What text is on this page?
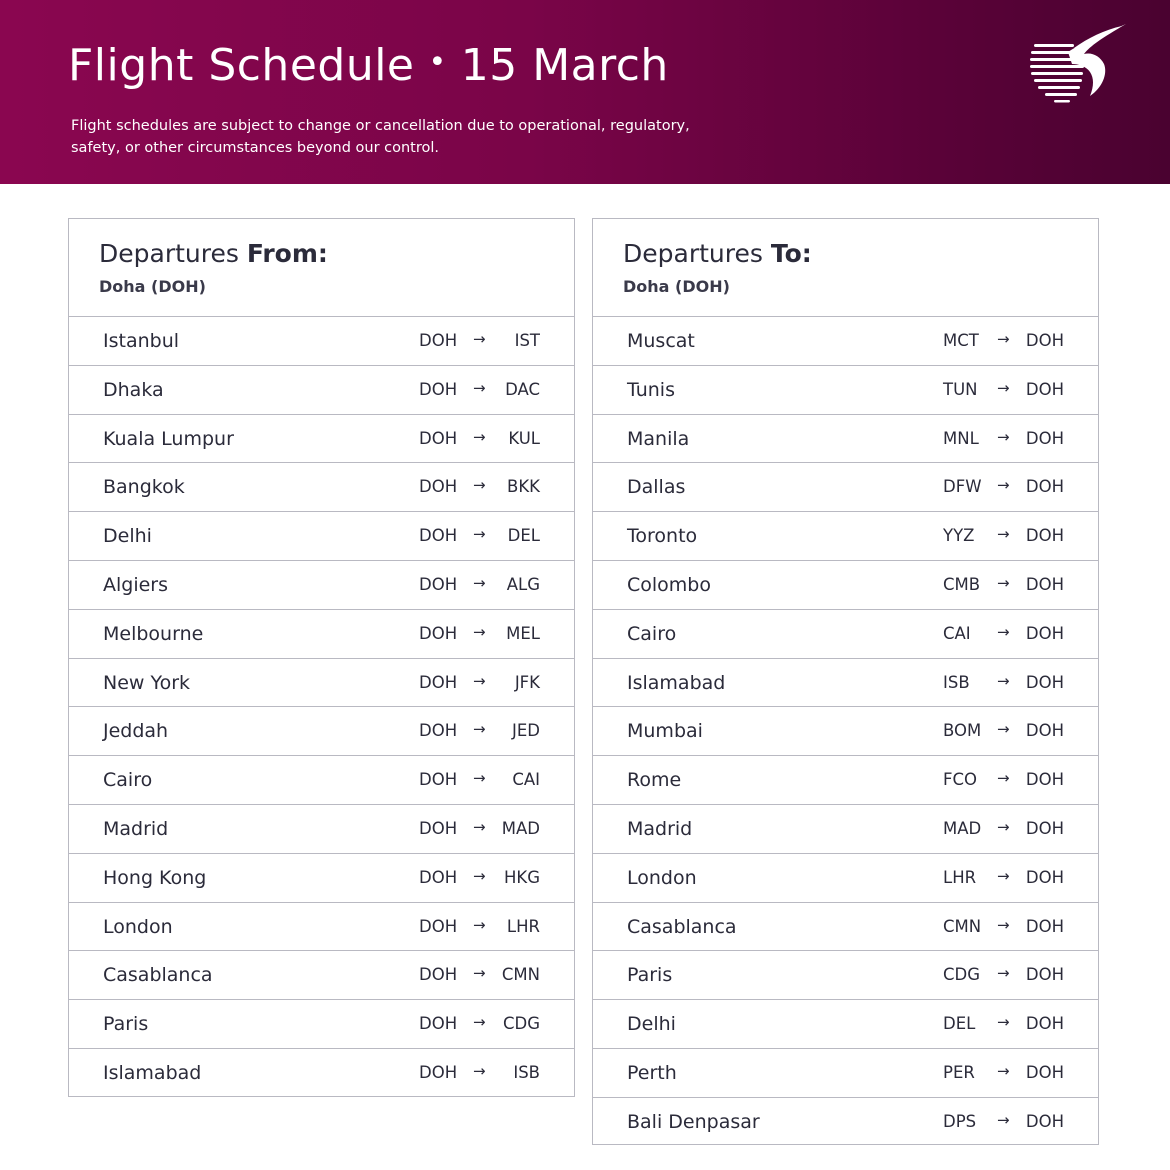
Flight Schedule • 15 March

Flight schedules are subject to change or cancellation due to operational, regulatory, safety, or other circumstances beyond our control.

Departures From:

Doha (DOH)

Istanbul	DOH → IST
Dhaka	DOH → DAC
Kuala Lumpur	DOH → KUL
Bangkok	DOH → BKK
Delhi	DOH → DEL
Algiers	DOH → ALG
Melbourne	DOH → MEL
New York	DOH → JFK
Jeddah	DOH → JED
Cairo	DOH → CAI
Madrid	DOH → MAD
Hong Kong	DOH → HKG
London	DOH → LHR
Casablanca	DOH → CMN
Paris	DOH → CDG
Islamabad	DOH → ISB
Departures To:

Doha (DOH)

Muscat	MCT → DOH
Tunis	TUN → DOH
Manila	MNL → DOH
Dallas	DFW → DOH
Toronto	YYZ → DOH
Colombo	CMB → DOH
Cairo	CAI → DOH
Islamabad	ISB → DOH
Mumbai	BOM → DOH
Rome	FCO → DOH
Madrid	MAD → DOH
London	LHR → DOH
Casablanca	CMN → DOH
Paris	CDG → DOH
Delhi	DEL → DOH
Perth	PER → DOH
Bali Denpasar	DPS → DOH
